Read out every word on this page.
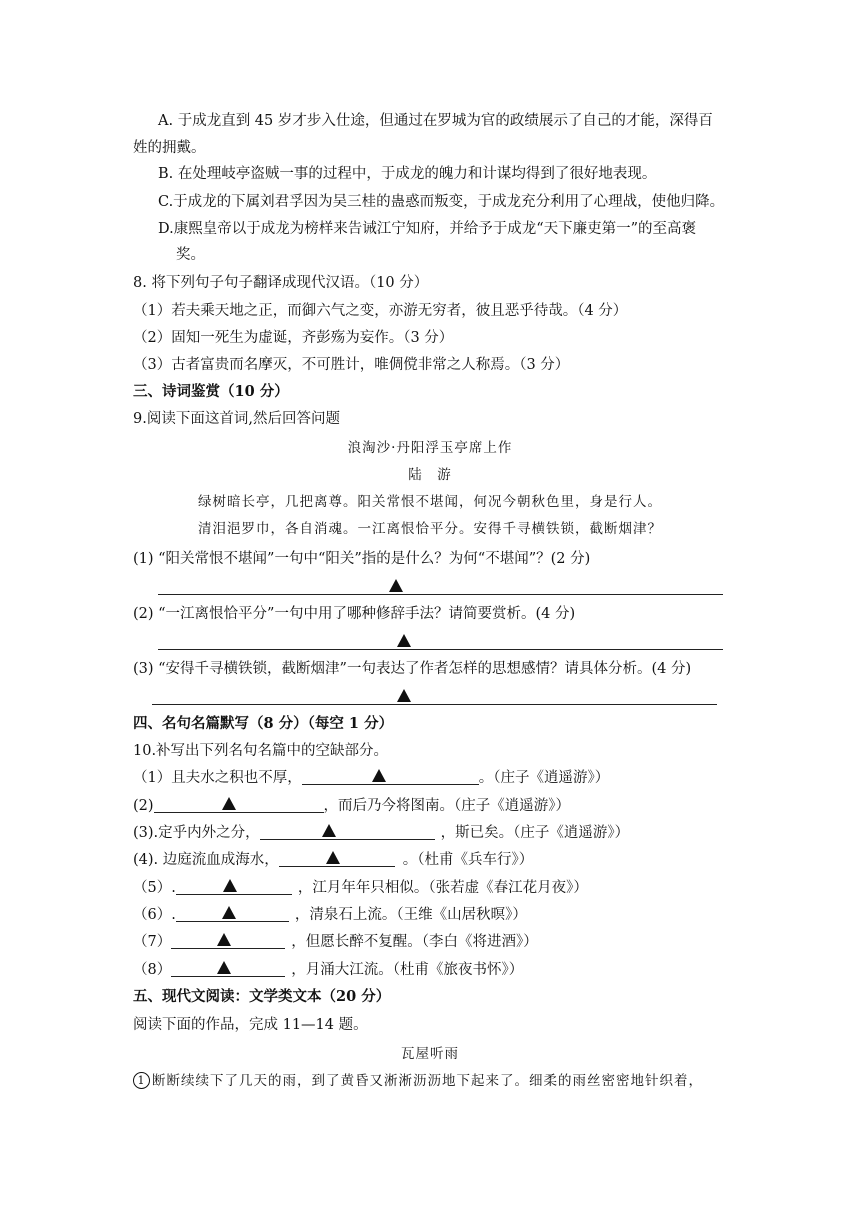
A. 于成龙直到 45 岁才步入仕途，但通过在罗城为官的政绩展示了自己的才能，深得百
姓的拥戴。
B. 在处理岐亭盗贼一事的过程中，于成龙的魄力和计谋均得到了很好地表现。
C.于成龙的下属刘君孚因为吴三桂的蛊惑而叛变，于成龙充分利用了心理战，使他归降。
D.康熙皇帝以于成龙为榜样来告诫江宁知府，并给予于成龙“天下廉吏第一”的至高褒
奖。
8. 将下列句子句子翻译成现代汉语。（10 分）
（1）若夫乘天地之正，而御六气之变，亦游无穷者，彼且恶乎待哉。（4 分）
（2）固知一死生为虚诞，齐彭殇为妄作。（3 分）
（3）古者富贵而名摩灭，不可胜计，唯倜傥非常之人称焉。（3 分）
三、诗词鉴赏（10 分）
9.阅读下面这首词,然后回答问题
浪淘沙·丹阳浮玉亭席上作
陆　游
绿树暗长亭，几把离尊。阳关常恨不堪闻，何况今朝秋色里，身是行人。
清泪浥罗巾，各自消魂。一江离恨恰平分。安得千寻横铁锁，截断烟津？
(1) “阳关常恨不堪闻”一句中“阳关”指的是什么？为何“不堪闻”？(2 分)
(2) “一江离恨恰平分”一句中用了哪种修辞手法？请简要赏析。(4 分)
(3) “安得千寻横铁锁，截断烟津”一句表达了作者怎样的思想感情？请具体分析。(4 分)
四、名句名篇默写（8 分）（每空 1 分）
10.补写出下列名句名篇中的空缺部分。
（1）且夫水之积也不厚，	。（庄子《逍遥游》）
(2)	，而后乃今将图南。（庄子《逍遥游》）
(3).定乎内外之分，	，斯已矣。（庄子《逍遥游》）
(4). 边庭流血成海水，	。（杜甫《兵车行》）
（5）.	，江月年年只相似。（张若虚《春江花月夜》）
（6）.	，清泉石上流。（王维《山居秋暝》）
（7）	，但愿长醉不复醒。（李白《将进酒》）
（8）	，月涌大江流。（杜甫《旅夜书怀》）
五、现代文阅读：文学类文本（20 分）
阅读下面的作品，完成 11—14 题。
瓦屋听雨
1 断断续续下了几天的雨，到了黄昏又淅淅沥沥地下起来了。细柔的雨丝密密地针织着，
